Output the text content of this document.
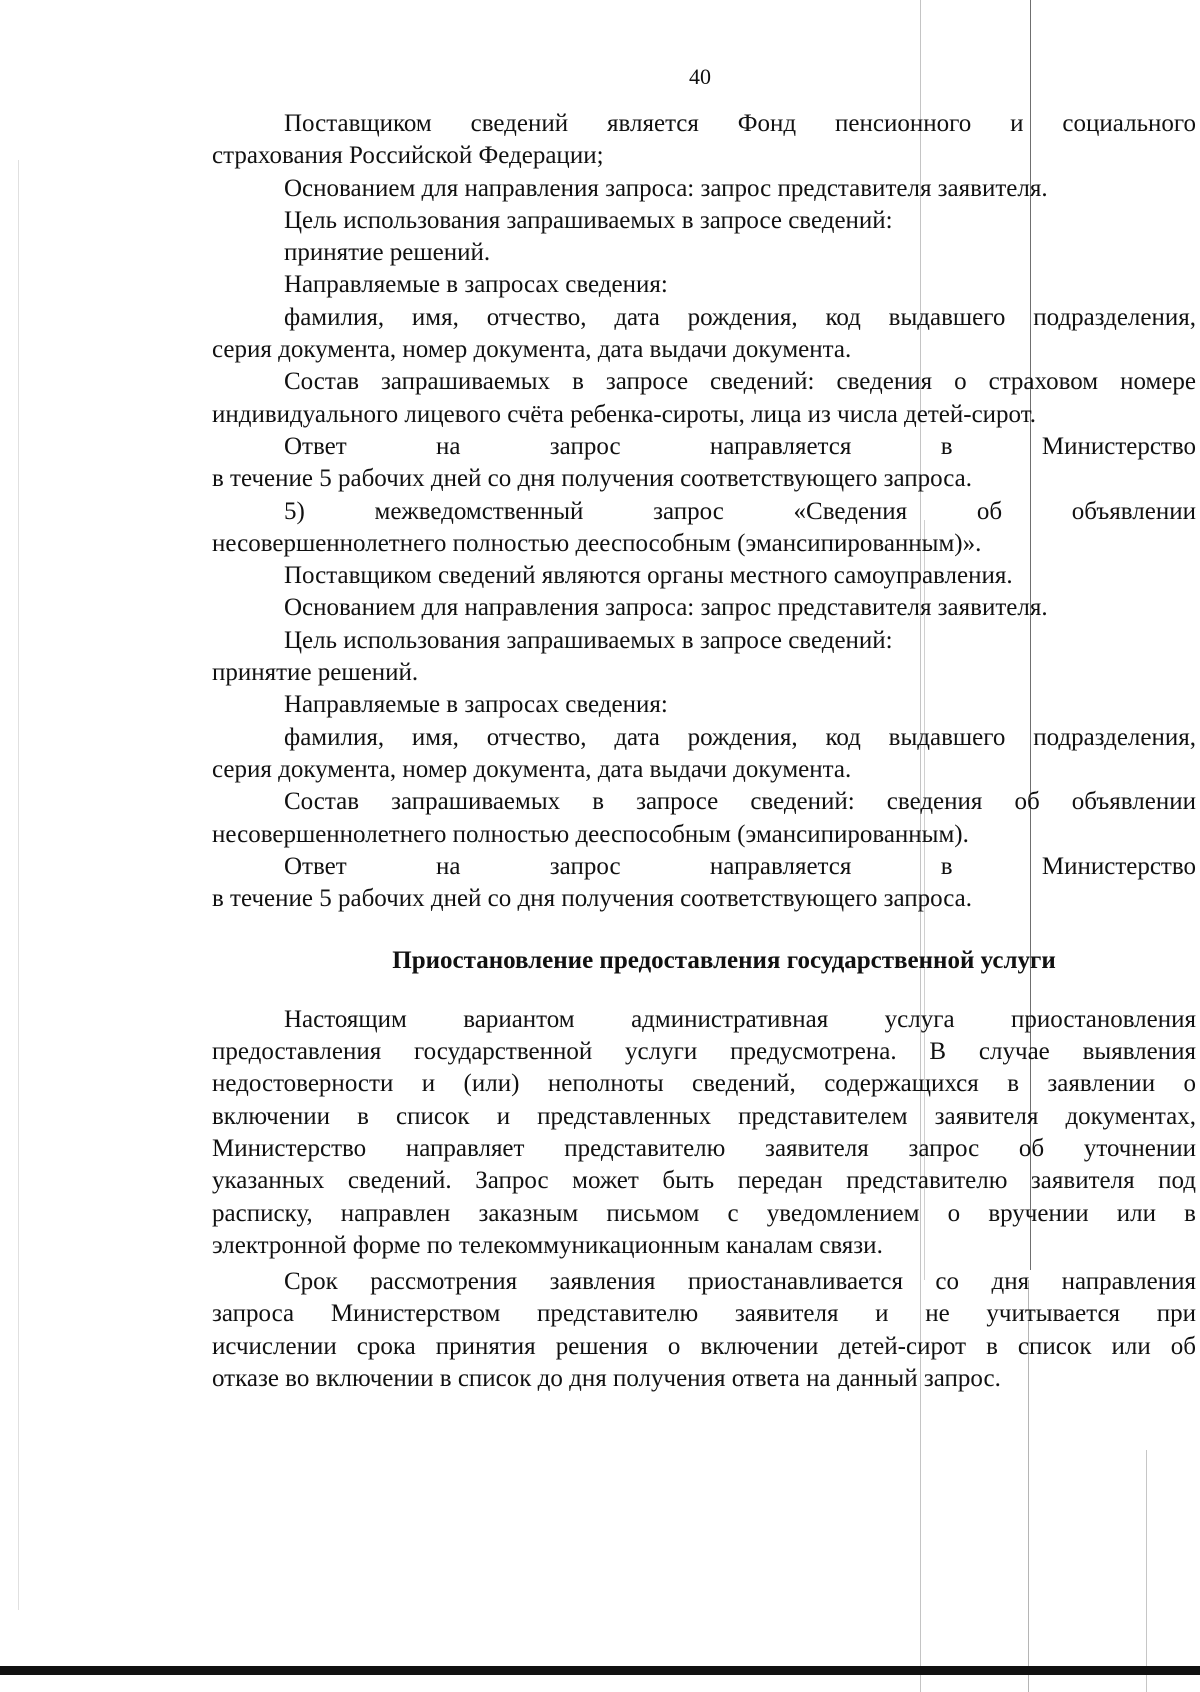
40
Поставщиком сведений является Фонд пенсионного и социального
страхования Российской Федерации;
Основанием для направления запроса: запрос представителя заявителя.
Цель использования запрашиваемых в запросе сведений:
принятие решений.
Направляемые в запросах сведения:
фамилия, имя, отчество, дата рождения, код выдавшего подразделения,
серия документа, номер документа, дата выдачи документа.
Состав запрашиваемых в запросе сведений: сведения о страховом номере
индивидуального лицевого счёта ребенка-сироты, лица из числа детей-сирот.
Ответ на запрос направляется в Министерство
в течение 5 рабочих дней со дня получения соответствующего запроса.
5) межведомственный запрос «Сведения об объявлении
несовершеннолетнего полностью дееспособным (эмансипированным)».
Поставщиком сведений являются органы местного самоуправления.
Основанием для направления запроса: запрос представителя заявителя.
Цель использования запрашиваемых в запросе сведений:
принятие решений.
Направляемые в запросах сведения:
фамилия, имя, отчество, дата рождения, код выдавшего подразделения,
серия документа, номер документа, дата выдачи документа.
Состав запрашиваемых в запросе сведений: сведения об объявлении
несовершеннолетнего полностью дееспособным (эмансипированным).
Ответ на запрос направляется в Министерство
в течение 5 рабочих дней со дня получения соответствующего запроса.
Приостановление предоставления государственной услуги
Настоящим вариантом административная услуга приостановления
предоставления государственной услуги предусмотрена. В случае выявления
недостоверности и (или) неполноты сведений, содержащихся в заявлении о
включении в список и представленных представителем заявителя документах,
Министерство направляет представителю заявителя запрос об уточнении
указанных сведений. Запрос может быть передан представителю заявителя под
расписку, направлен заказным письмом с уведомлением о вручении или в
электронной форме по телекоммуникационным каналам связи.
Срок рассмотрения заявления приостанавливается со дня направления
запроса Министерством представителю заявителя и не учитывается при
исчислении срока принятия решения о включении детей-сирот в список или об
отказе во включении в список до дня получения ответа на данный запрос.
